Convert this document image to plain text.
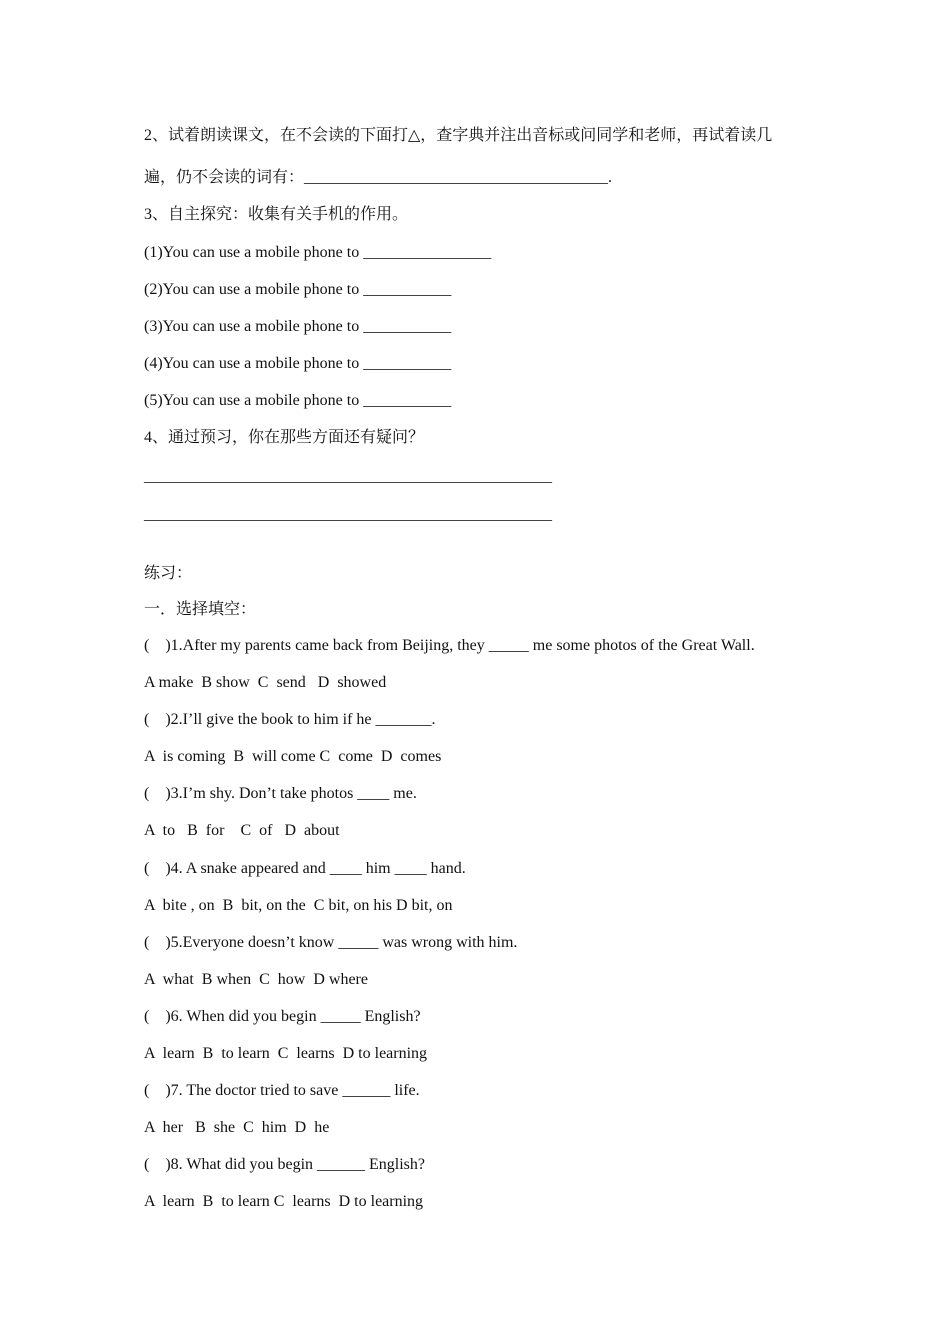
2、试着朗读课文，在不会读的下面打△，查字典并注出音标或问同学和老师，再试着读几
遍，仍不会读的词有：______________________________________.
3、自主探究：收集有关手机的作用。
(1)You can use a mobile phone to ________________
(2)You can use a mobile phone to ___________
(3)You can use a mobile phone to ___________
(4)You can use a mobile phone to ___________
(5)You can use a mobile phone to ___________
4、通过预习，你在那些方面还有疑问？
___________________________________________________
___________________________________________________
练习：
一．选择填空：
(    )1.After my parents came back from Beijing, they _____ me some photos of the Great Wall.
A make  B show  C  send   D  showed
(    )2.I’ll give the book to him if he _______.
A  is coming  B  will come C  come  D  comes
(    )3.I’m shy. Don’t take photos ____ me.
A  to   B  for    C  of   D  about
(    )4. A snake appeared and ____ him ____ hand.
A  bite , on  B  bit, on the  C bit, on his D bit, on
(    )5.Everyone doesn’t know _____ was wrong with him.
A  what  B when  C  how  D where
(    )6. When did you begin _____ English?
A  learn  B  to learn  C  learns  D to learning
(    )7. The doctor tried to save ______ life.
A  her   B  she  C  him  D  he
(    )8. What did you begin ______ English?
A  learn  B  to learn C  learns  D to learning
